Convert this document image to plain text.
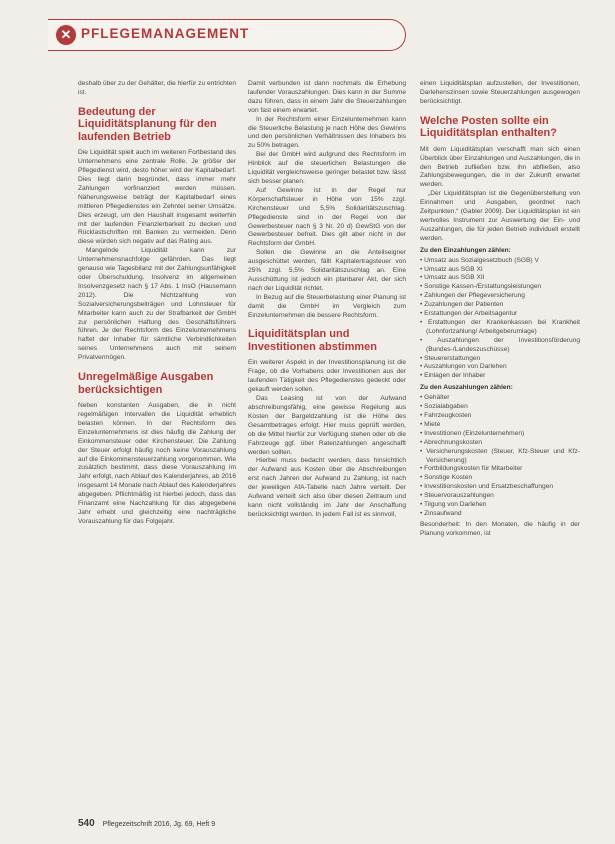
✕ PFLEGEMANAGEMENT

deshalb über zu der Gehälter, die hierfür zu entrichten ist.

Bedeutung der Liquiditätsplanung für den laufenden Betrieb

Die Liquidität spielt auch im weiteren Fortbestand des Unternehmens eine zentrale Rolle. Je größer der Pflegedienst wird, desto höher wird der Kapitalbedarf. Dies liegt darin begründet, dass immer mehr Zahlungen vorfinanziert werden müssen. Näherungsweise beträgt der Kapitalbedarf eines mittleren Pflegedienstes ein Zehntel seiner Umsätze. Dies erzeugt, um den Haushalt insgesamt weiterhin mit der laufenden Finanzierbarkeit zu decken und Rücklastschriften mit Banken zu vermeiden. Denn diese würden sich negativ auf das Rating aus.

Mangelnde Liquidität kann zur Unternehmensnachfolge gefährden. Das liegt genauso wie Tagesbilanz mit der Zahlungsunfähigkeit oder Überschuldung. Insolvenz im allgemeinen Insolvenzgesetz nach § 17 Abs. 1 InsO (Hausemann 2012). Die Nichtzahlung von Sozialversicherungsbeiträgen und Lohnsteuer für Mitarbeiter kann auch zu der Strafbarkeit der GmbH zur persönlichen Haftung des Geschäftsführers führen. Je der Rechtsform des Einzelunternehmens haftet der Inhaber für sämtliche Verbindlichkeiten seines Unternehmens auch mit seinem Privatvermögen.

Unregelmäßige Ausgaben berücksichtigen

Neben konstanten Ausgaben, die in nicht regelmäßigen Intervallen die Liquidität erheblich belasten können. In der Rechtsform des Einzelunternehmens ist dies häufig die Zahlung der Einkommensteuer oder Kirchensteuer. Die Zahlung der Steuer erfolgt häufig noch keine Vorauszahlung auf die Einkommensteuerzahlung vorgenommen. Wie zusätzlich bestimmt, dass diese Vorauszahlung im Jahr erfolgt, nach Ablauf des Kalenderjahres, ab 2016 insgesamt 14 Monate nach Ablauf des Kalenderjahres abgegeben. Pflichtmäßig ist hierbei jedoch, dass das Finanzamt eine Nachzahlung für das abgegebene Jahr erhebt und gleichzeitig eine nachträgliche Vorauszahlung für das Folgejahr.

Damit verbunden ist dann nochmals die Erhebung laufender Vorauszahlungen. Dies kann in der Summe dazu führen, dass in einem Jahr die Steuerzahlungen von fast einem erwartet.

In der Rechtsform einer Einzelunternehmen kann die Steuerliche Belastung je nach Höhe des Gewinns und den persönlichen Verhältnissen des Inhabers bis zu 50% betragen.

Bei der GmbH wird aufgrund des Rechtsform im Hinblick auf die steuerlichen Belastungen die Liquidität vergleichsweise geringer belastet bzw. lässt sich besser planen.

Auf Gewinne ist in der Regel nur Körperschaftsteuer in Höhe von 15% zzgl. Kirchensteuer und 5,5% Solidaritätszuschlag. Pflegedienste sind in der Regel von der Gewerbesteuer nach § 3 Nr. 20 d) GewStG von der Gewerbesteuer befreit. Dies gilt aber nicht in der Rechtsform der GmbH.

Sollen die Gewinne an die Anteilseigner ausgeschüttet werden, fällt Kapitalertragsteuer von 25% zzgl. 5,5% Solidaritätszuschlag an. Eine Ausschüttung ist jedoch ein planbarer Akt, der sich nach der Liquidität richtet.

In Bezug auf die Steuerbelastung einer Planung ist damit die GmbH im Vergleich zum Einzelunternehmen die bessere Rechtsform.

Liquiditätsplan und Investitionen abstimmen

Ein weiterer Aspekt in der Investitionsplanung ist die Frage, ob die Vorhabens oder Investitionen aus der laufenden Tätigkeit des Pflegedienstes gedeckt oder gekauft werden sollen.

Das Leasing ist von der Aufwand abschreibungsfähig, eine gewisse Regelung aus Kosten der Bargeldzahlung ist die Höhe des Gesamtbetrages erfolgt. Hier muss geprüft werden, ob die Mittel hierfür zur Verfügung stehen oder ob die Fahrzeuge ggf. über Ratenzahlungen angeschafft werden sollten.

Hierbei muss bedacht werden, dass hinsichtlich der Aufwand aus Kosten über die Abschreibungen erst nach Jahren der Aufwand zu Zahlung, ist nach der jeweiligen AfA-Tabelle nach Jahre verteilt. Der Aufwand verteilt sich also über diesen Zeitraum und kann nicht vollständig im Jahr der Anschaffung berücksichtigt werden. In jedem Fall ist es sinnvoll,

einen Liquiditätsplan aufzustellen, der Investitionen, Darlehenszinsen sowie Steuerzahlungen ausgewogen berücksichtigt.

Welche Posten sollte ein Liquiditätsplan enthalten?

Mit dem Liquiditätsplan verschafft man sich einen Überblick über Einzahlungen und Auszahlungen, die in den Betrieb zufließen bzw. ihn abfließen, also Zahlungsbewegungen, die in der Zukunft erwartet werden.

„Der Liquiditätsplan ist die Gegenüberstellung von Einnahmen und Ausgaben, geordnet nach Zeitpunkten.“ (Gabler 2009). Der Liquiditätsplan ist ein wertvolles Instrument zur Auswertung der Ein- und Auszahlungen, die für jeden Betrieb individuell erstellt werden.

Zu den Einzahlungen zählen:
• Umsatz aus Sozialgesetzbuch (SGB) V
• Umsatz aus SGB XI
• Umsatz aus SGB XII
• Sonstige Kassen-/Erstattungsleistungen
• Zahlungen der Pflegeversicherung
• Zuzahlungen der Patienten
• Erstattungen der Arbeitsagentur
• Erstattungen der Krankenkassen bei Krankheit (Lohnfortzahlung/ Arbeitgeberumlage)
• Auszahlungen der Investitionsförderung (Bundes-/Landeszuschüsse)
• Steuererstattungen
• Auszahlungen von Darlehen
• Einlagen der Inhaber
Zu den Auszahlungen zählen:
• Gehälter
• Sozialabgaben
• Fahrzeugkosten
• Miete
• Investitionen (Einzelunternehmen)
• Abrechnungskosten
• Versicherungskosten (Steuer, Kfz-Steuer und Kfz-Versicherung)
• Fortbildungskosten für Mitarbeiter
• Sonstige Kosten
• Investitionskosten und Ersatzbeschaffungen
• Steuervorauszahlungen
• Tilgung von Darlehen
• Zinsaufwand

Besonderheit: In den Monaten, die häufig in der Planung vorkommen, ist

540 Pflegezeitschrift 2016, Jg. 69, Heft 9
